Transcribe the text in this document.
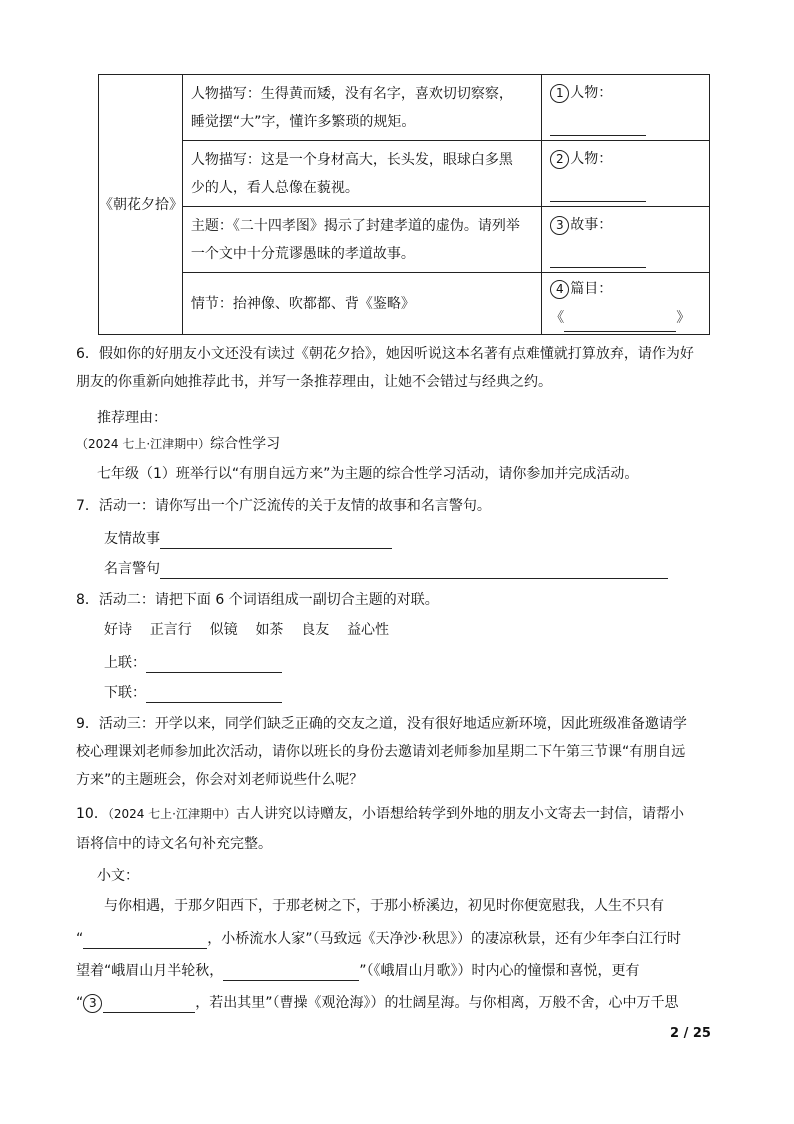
《朝花夕拾》	人物描写：生得黄而矮，没有名字，喜欢切切察察，
睡觉摆“大”字，懂许多繁琐的规矩。	1 人物：

	人物描写：这是一个身材高大，长头发，眼球白多黑
少的人，看人总像在藐视。	2 人物：

	主题：《二十四孝图》揭示了封建孝道的虚伪。请列举
一个文中十分荒谬愚昧的孝道故事。	3 故事：

	情节：抬神像、吹都都、背《鉴略》	4 篇目：
《 》
6．假如你的好朋友小文还没有读过《朝花夕拾》，她因听说这本名著有点难懂就打算放弃，请作为好
朋友的你重新向她推荐此书，并写一条推荐理由，让她不会错过与经典之约。
推荐理由：
（2024 七上·江津期中）综合性学习
七年级（1）班举行以“有朋自远方来”为主题的综合性学习活动，请你参加并完成活动。
7．活动一：请你写出一个广泛流传的关于友情的故事和名言警句。
友情故事
名言警句
8．活动二：请把下面 6 个词语组成一副切合主题的对联。
好诗 正言行 似镜 如茶 良友 益心性
上联：
下联：
9．活动三：开学以来，同学们缺乏正确的交友之道，没有很好地适应新环境，因此班级准备邀请学
校心理课刘老师参加此次活动，请你以班长的身份去邀请刘老师参加星期二下午第三节课“有朋自远
方来”的主题班会，你会对刘老师说些什么呢？
10．（2024 七上·江津期中）古人讲究以诗赠友，小语想给转学到外地的朋友小文寄去一封信，请帮小
语将信中的诗文名句补充完整。
小文：
与你相遇，于那夕阳西下，于那老树之下，于那小桥溪边，初见时你便宽慰我，人生不只有
“	，小桥流水人家”（马致远《天净沙·秋思》）的凄凉秋景，还有少年李白江行时
望着“峨眉山月半轮秋，	”（《峨眉山月歌》）时内心的憧憬和喜悦，更有
“ 3	，若出其里”（曹操《观沧海》）的壮阔星海。与你相离，万般不舍，心中万千思
2 / 25
